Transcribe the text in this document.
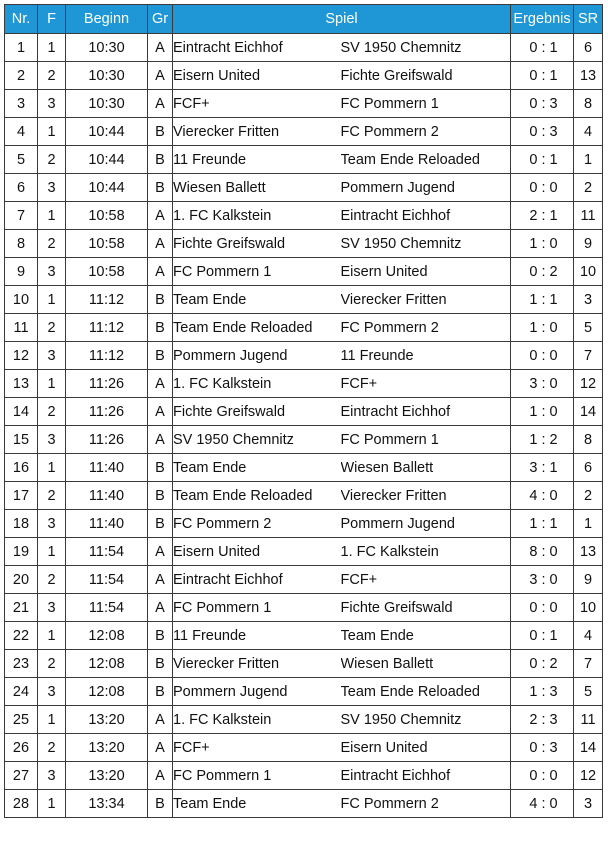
Nr.	F	Beginn	Gr	Spiel		Ergebnis			SR
1	1	10:30	A	Eintracht Eichhof	SV 1950 Chemnitz	0	:	1	6
2	2	10:30	A	Eisern United	Fichte Greifswald	0	:	1	13
3	3	10:30	A	FCF+	FC Pommern 1	0	:	3	8
4	1	10:44	B	Vierecker Fritten	FC Pommern 2	0	:	3	4
5	2	10:44	B	11 Freunde	Team Ende Reloaded	0	:	1	1
6	3	10:44	B	Wiesen Ballett	Pommern Jugend	0	:	0	2
7	1	10:58	A	1. FC Kalkstein	Eintracht Eichhof	2	:	1	11
8	2	10:58	A	Fichte Greifswald	SV 1950 Chemnitz	1	:	0	9
9	3	10:58	A	FC Pommern 1	Eisern United	0	:	2	10
10	1	11:12	B	Team Ende	Vierecker Fritten	1	:	1	3
11	2	11:12	B	Team Ende Reloaded	FC Pommern 2	1	:	0	5
12	3	11:12	B	Pommern Jugend	11 Freunde	0	:	0	7
13	1	11:26	A	1. FC Kalkstein	FCF+	3	:	0	12
14	2	11:26	A	Fichte Greifswald	Eintracht Eichhof	1	:	0	14
15	3	11:26	A	SV 1950 Chemnitz	FC Pommern 1	1	:	2	8
16	1	11:40	B	Team Ende	Wiesen Ballett	3	:	1	6
17	2	11:40	B	Team Ende Reloaded	Vierecker Fritten	4	:	0	2
18	3	11:40	B	FC Pommern 2	Pommern Jugend	1	:	1	1
19	1	11:54	A	Eisern United	1. FC Kalkstein	8	:	0	13
20	2	11:54	A	Eintracht Eichhof	FCF+	3	:	0	9
21	3	11:54	A	FC Pommern 1	Fichte Greifswald	0	:	0	10
22	1	12:08	B	11 Freunde	Team Ende	0	:	1	4
23	2	12:08	B	Vierecker Fritten	Wiesen Ballett	0	:	2	7
24	3	12:08	B	Pommern Jugend	Team Ende Reloaded	1	:	3	5
25	1	13:20	A	1. FC Kalkstein	SV 1950 Chemnitz	2	:	3	11
26	2	13:20	A	FCF+	Eisern United	0	:	3	14
27	3	13:20	A	FC Pommern 1	Eintracht Eichhof	0	:	0	12
28	1	13:34	B	Team Ende	FC Pommern 2	4	:	0	3
